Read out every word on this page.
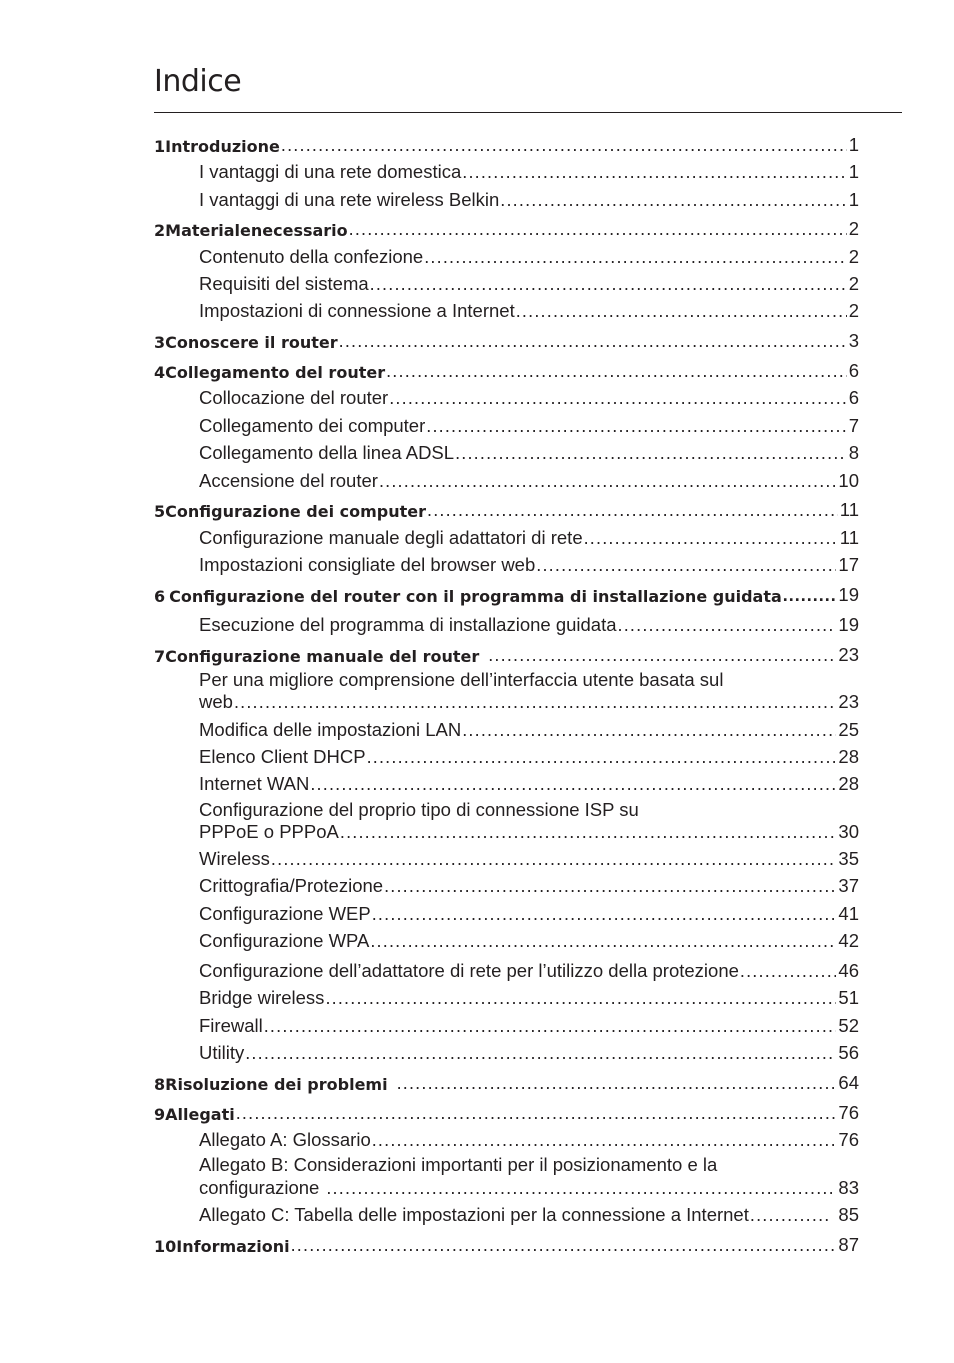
Indice
1 Introduzione .....	1
I vantaggi di una rete domestica .....	1
I vantaggi di una rete wireless Belkin .....	1
2 Materialenecessario .....	2
Contenuto della confezione .....	2
Requisiti del sistema .....	2
Impostazioni di connessione a Internet .....	2
3 Conoscere il router .....	3
4 Collegamento del router .....	6
Collocazione del router .....	6
Collegamento dei computer .....	7
Collegamento della linea ADSL .....	8
Accensione del router .....	10
5 Configurazione dei computer .....	11
Configurazione manuale degli adattatori di rete .....	11
Impostazioni consigliate del browser web .....	17
6 Configurazione del router con il programma di installazione guidata .....	19
Esecuzione del programma di installazione guidata .....	19
7 Configurazione manuale del router .....	23
Per una migliore comprensione dell’interfaccia utente basata sul
web .....	23
Modifica delle impostazioni LAN .....	25
Elenco Client DHCP .....	28
Internet WAN .....	28
Configurazione del proprio tipo di connessione ISP su
PPPoE o PPPoA .....	30
Wireless .....	35
Crittografia/Protezione .....	37
Configurazione WEP .....	41
Configurazione WPA .....	42
Configurazione dell’adattatore di rete per l’utilizzo della protezione .....	46
Bridge wireless .....	51
Firewall .....	52
Utility .....	56
8 Risoluzione dei problemi .....	64
9 Allegati .....	76
Allegato A: Glossario .....	76
Allegato B: Considerazioni importanti per il posizionamento e la
configurazione .....	83
Allegato C: Tabella delle impostazioni per la connessione a Internet .....	85
10 Informazioni .....	87
